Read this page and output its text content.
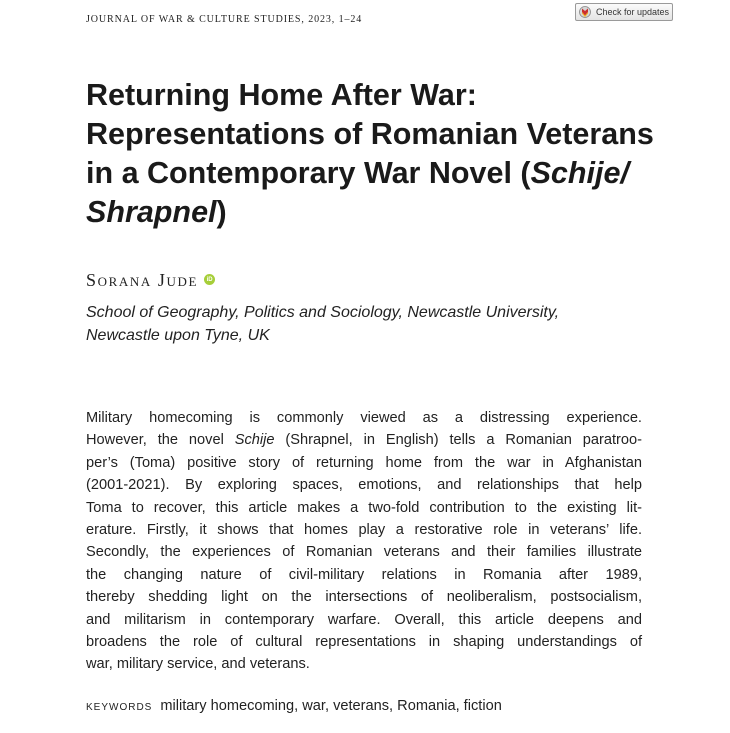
JOURNAL OF WAR & CULTURE STUDIES, 2023, 1–24
Check for updates
Returning Home After War:
Representations of Romanian Veterans
in a Contemporary War Novel (Schije/
Shrapnel)
Sorana Jude	iD
School of Geography, Politics and Sociology, Newcastle University,
Newcastle upon Tyne, UK
Military homecoming is commonly viewed as a distressing experience.
However, the novel Schije (Shrapnel, in English) tells a Romanian paratroo-
per’s (Toma) positive story of returning home from the war in Afghanistan
(2001-2021). By exploring spaces, emotions, and relationships that help
Toma to recover, this article makes a two-fold contribution to the existing lit-
erature. Firstly, it shows that homes play a restorative role in veterans’ life.
Secondly, the experiences of Romanian veterans and their families illustrate
the changing nature of civil-military relations in Romania after 1989,
thereby shedding light on the intersections of neoliberalism, postsocialism,
and militarism in contemporary warfare. Overall, this article deepens and
broadens the role of cultural representations in shaping understandings of
war, military service, and veterans.
KEYWORDS military homecoming, war, veterans, Romania, fiction
